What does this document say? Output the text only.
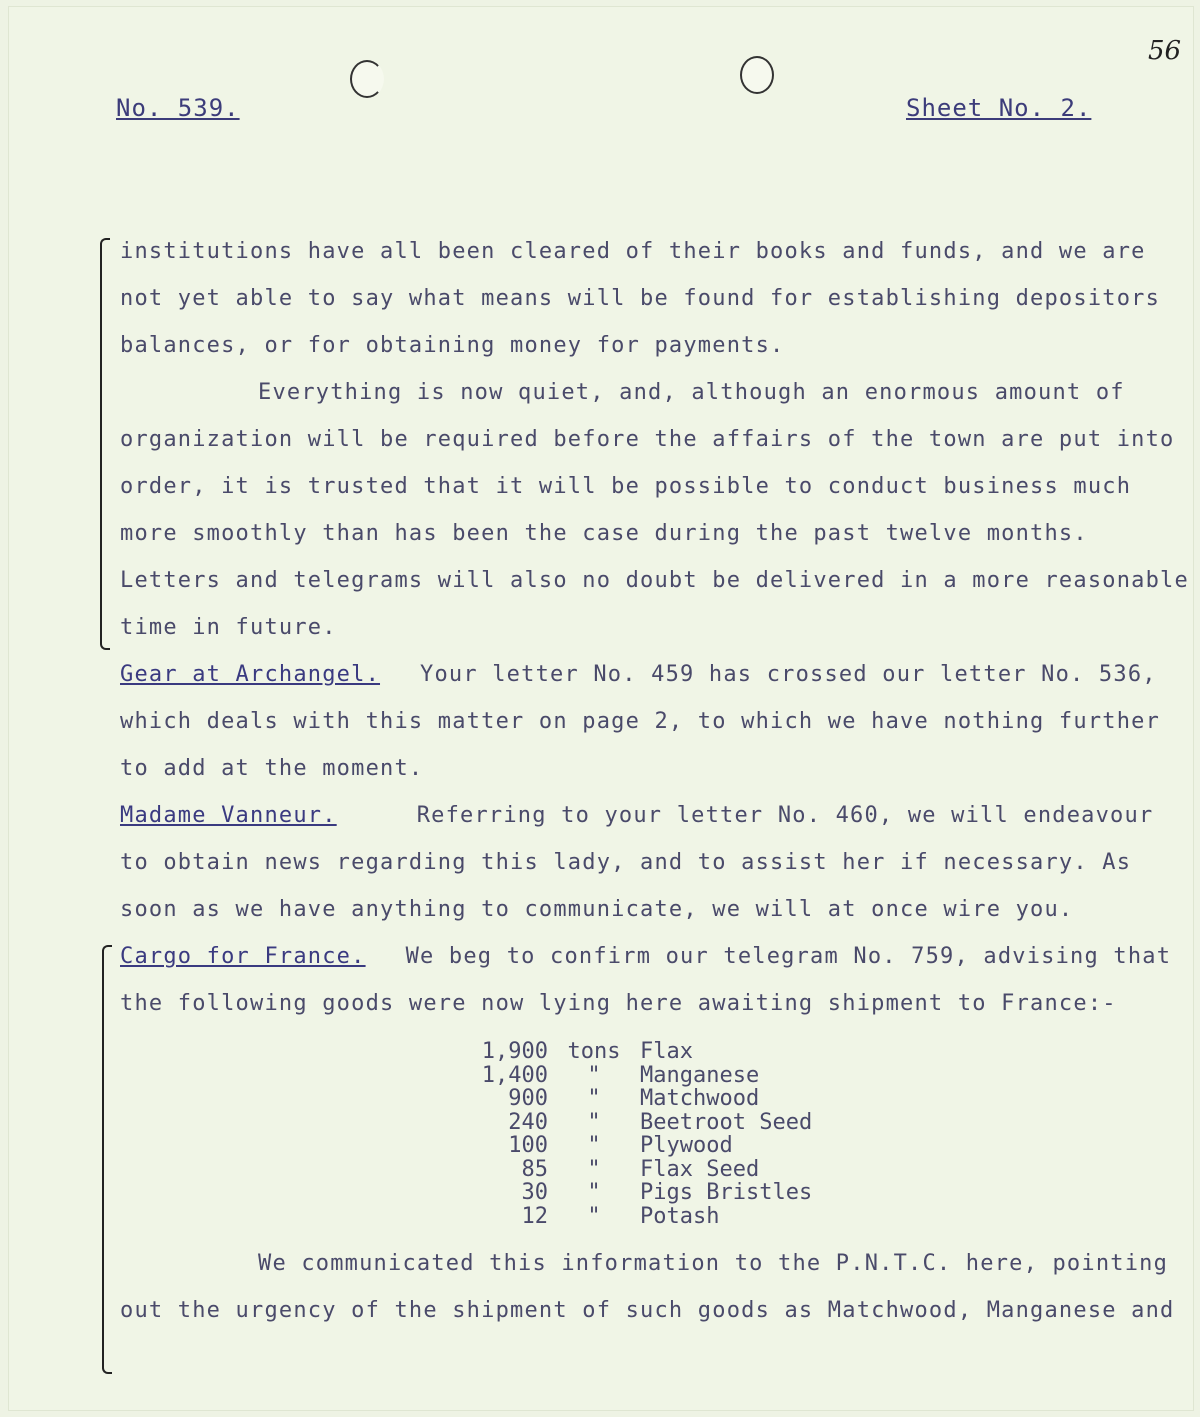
56
No. 539.	Sheet No. 2.
institutions have all been cleared of their books and funds, and we are
not yet able to say what means will be found for establishing depositors
balances, or for obtaining money for payments.
Everything is now quiet, and, although an enormous amount of
organization will be required before the affairs of the town are put into
order, it is trusted that it will be possible to conduct business much
more smoothly than has been the case during the past twelve months.
Letters and telegrams will also no doubt be delivered in a more reasonable
time in future.
Gear at Archangel. Your letter No. 459 has crossed our letter No. 536,
which deals with this matter on page 2, to which we have nothing further
to add at the moment.
Madame Vanneur.	Referring to your letter No. 460, we will endeavour
to obtain news regarding this lady, and to assist her if necessary. As
soon as we have anything to communicate, we will at once wire you.
Cargo for France. We beg to confirm our telegram No. 759, advising that
the following goods were now lying here awaiting shipment to France:-
1,900	tons	Flax
1,400	"	Manganese
900	"	Matchwood
240	"	Beetroot Seed
100	"	Plywood
85	"	Flax Seed
30	"	Pigs Bristles
12	"	Potash
We communicated this information to the P.N.T.C. here, pointing
out the urgency of the shipment of such goods as Matchwood, Manganese and
